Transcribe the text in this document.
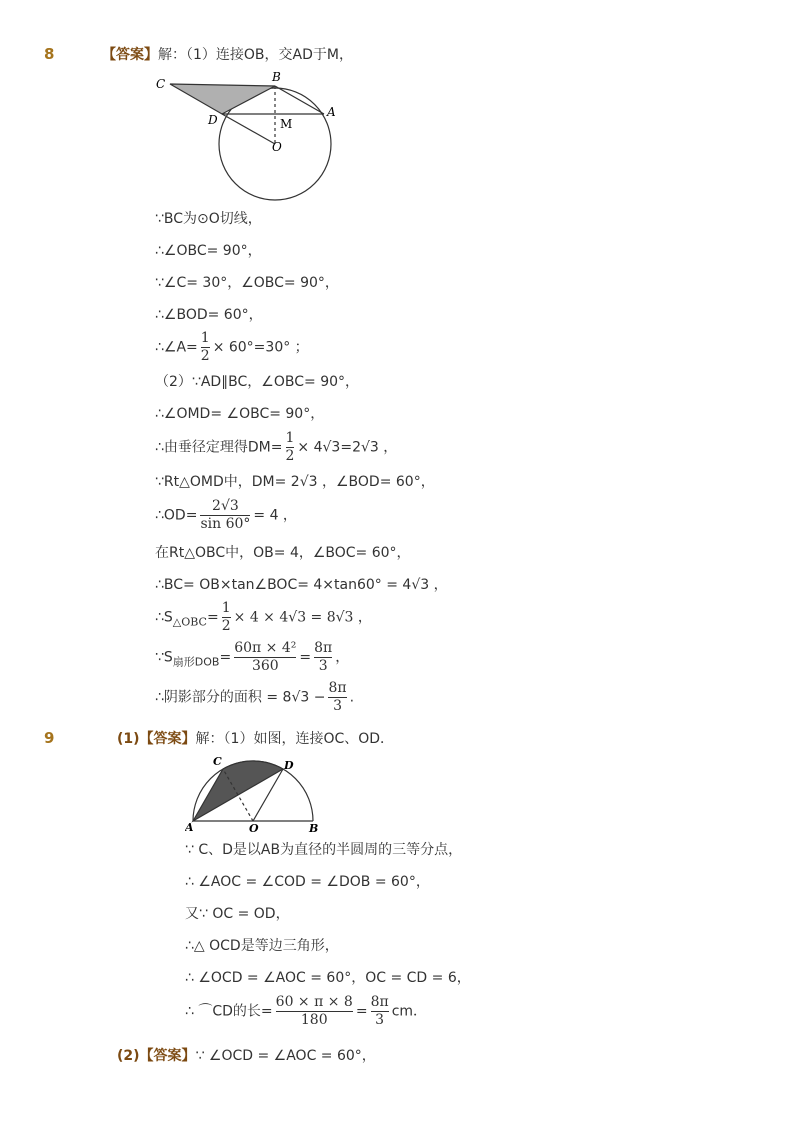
8	【答案】解：（1）连接OB，交AD于M，
C	B
A
D	M
O
∵BC为⊙O切线，
∴∠OBC= 90°，
∵∠C= 30°，∠OBC= 90°，
∴∠BOD= 60°，
∴∠A= $\frac{1}{2} \times 60^\circ=30^\circ$ ；
（2）∵AD∥BC，∠OBC= 90°，
∴∠OMD= ∠OBC= 90°，
∴由垂径定理得$DM= \frac{1}{2} \times 4√3=2√3$ ，
∵Rt△OMD中，DM= 2√3 ，∠BOD= 60°，
∴OD= $\frac{2√3}{\sin 60^\circ} = 4$ ，
在Rt△OBC中，OB= 4，∠BOC= 60°，
∴BC= OB×tan∠BOC= 4×tan60° = 4√3 ，
$\therefore S_{\triangle OBC}= \frac{1}{2} \times 4 \times 4√3 = 8√3$ ，
$\because S_{扇形DOB}= \frac{\text{60π × 4²}}{360} = \frac{8\pi}{3}$ ，
∴阴影部分的面积 = $8√3 - \frac{8\pi}{3}$ .
9	(1)【答案】解：（1）如图，连接OC、OD．
C	D
A	O	B
∵ C、D是以AB为直径的半圆周的三等分点，
∴ ∠AOC = ∠COD = ∠DOB = 60°，
又∵ OC = OD，
∴△ OCD是等边三角形，
∴ ∠OCD = ∠AOC = 60°，OC = CD = 6，
∴ ⌒CD的长= $\frac{60 \times \pi \times 8}{180} = \frac{8\pi}{3}$ cm．
(2)【答案】∵ ∠OCD = ∠AOC = 60°，
